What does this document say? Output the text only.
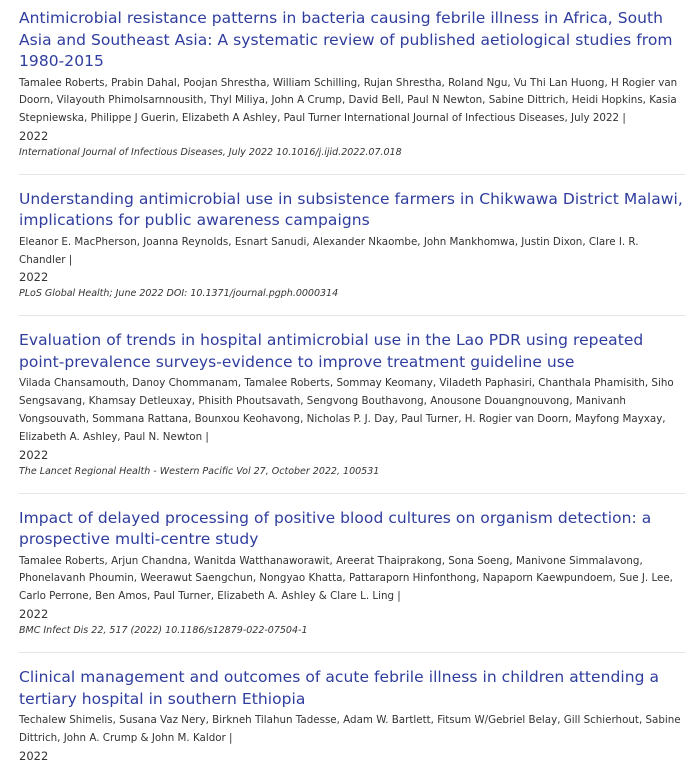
Antimicrobial resistance patterns in bacteria causing febrile illness in Africa, South Asia and Southeast Asia: A systematic review of published aetiological studies from 1980-2015
Tamalee Roberts, Prabin Dahal, Poojan Shrestha, William Schilling, Rujan Shrestha, Roland Ngu, Vu Thi Lan Huong, H Rogier van Doorn, Vilayouth Phimolsarnnousith, Thyl Miliya, John A Crump, David Bell, Paul N Newton, Sabine Dittrich, Heidi Hopkins, Kasia Stepniewska, Philippe J Guerin, Elizabeth A Ashley, Paul Turner International Journal of Infectious Diseases, July 2022 |
2022
International Journal of Infectious Diseases, July 2022 10.1016/j.ijid.2022.07.018
Understanding antimicrobial use in subsistence farmers in Chikwawa District Malawi, implications for public awareness campaigns
Eleanor E. MacPherson, Joanna Reynolds, Esnart Sanudi, Alexander Nkaombe, John Mankhomwa, Justin Dixon, Clare I. R. Chandler |
2022
PLoS Global Health; June 2022 DOI: 10.1371/journal.pgph.0000314
Evaluation of trends in hospital antimicrobial use in the Lao PDR using repeated point-prevalence surveys-evidence to improve treatment guideline use
Vilada Chansamouth, Danoy Chommanam, Tamalee Roberts, Sommay Keomany, Viladeth Paphasiri, Chanthala Phamisith, Siho Sengsavang, Khamsay Detleuxay, Phisith Phoutsavath, Sengvong Bouthavong, Anousone Douangnouvong, Manivanh Vongsouvath, Sommana Rattana, Bounxou Keohavong, Nicholas P. J. Day, Paul Turner, H. Rogier van Doorn, Mayfong Mayxay, Elizabeth A. Ashley, Paul N. Newton |
2022
The Lancet Regional Health - Western Pacific Vol 27, October 2022, 100531
Impact of delayed processing of positive blood cultures on organism detection: a prospective multi-centre study
Tamalee Roberts, Arjun Chandna, Wanitda Watthanaworawit, Areerat Thaiprakong, Sona Soeng, Manivone Simmalavong, Phonelavanh Phoumin, Weerawut Saengchun, Nongyao Khatta, Pattaraporn Hinfonthong, Napaporn Kaewpundoem, Sue J. Lee, Carlo Perrone, Ben Amos, Paul Turner, Elizabeth A. Ashley & Clare L. Ling |
2022
BMC Infect Dis 22, 517 (2022) 10.1186/s12879-022-07504-1
Clinical management and outcomes of acute febrile illness in children attending a tertiary hospital in southern Ethiopia
Techalew Shimelis, Susana Vaz Nery, Birkneh Tilahun Tadesse, Adam W. Bartlett, Fitsum W/Gebriel Belay, Gill Schierhout, Sabine Dittrich, John A. Crump & John M. Kaldor |
2022
